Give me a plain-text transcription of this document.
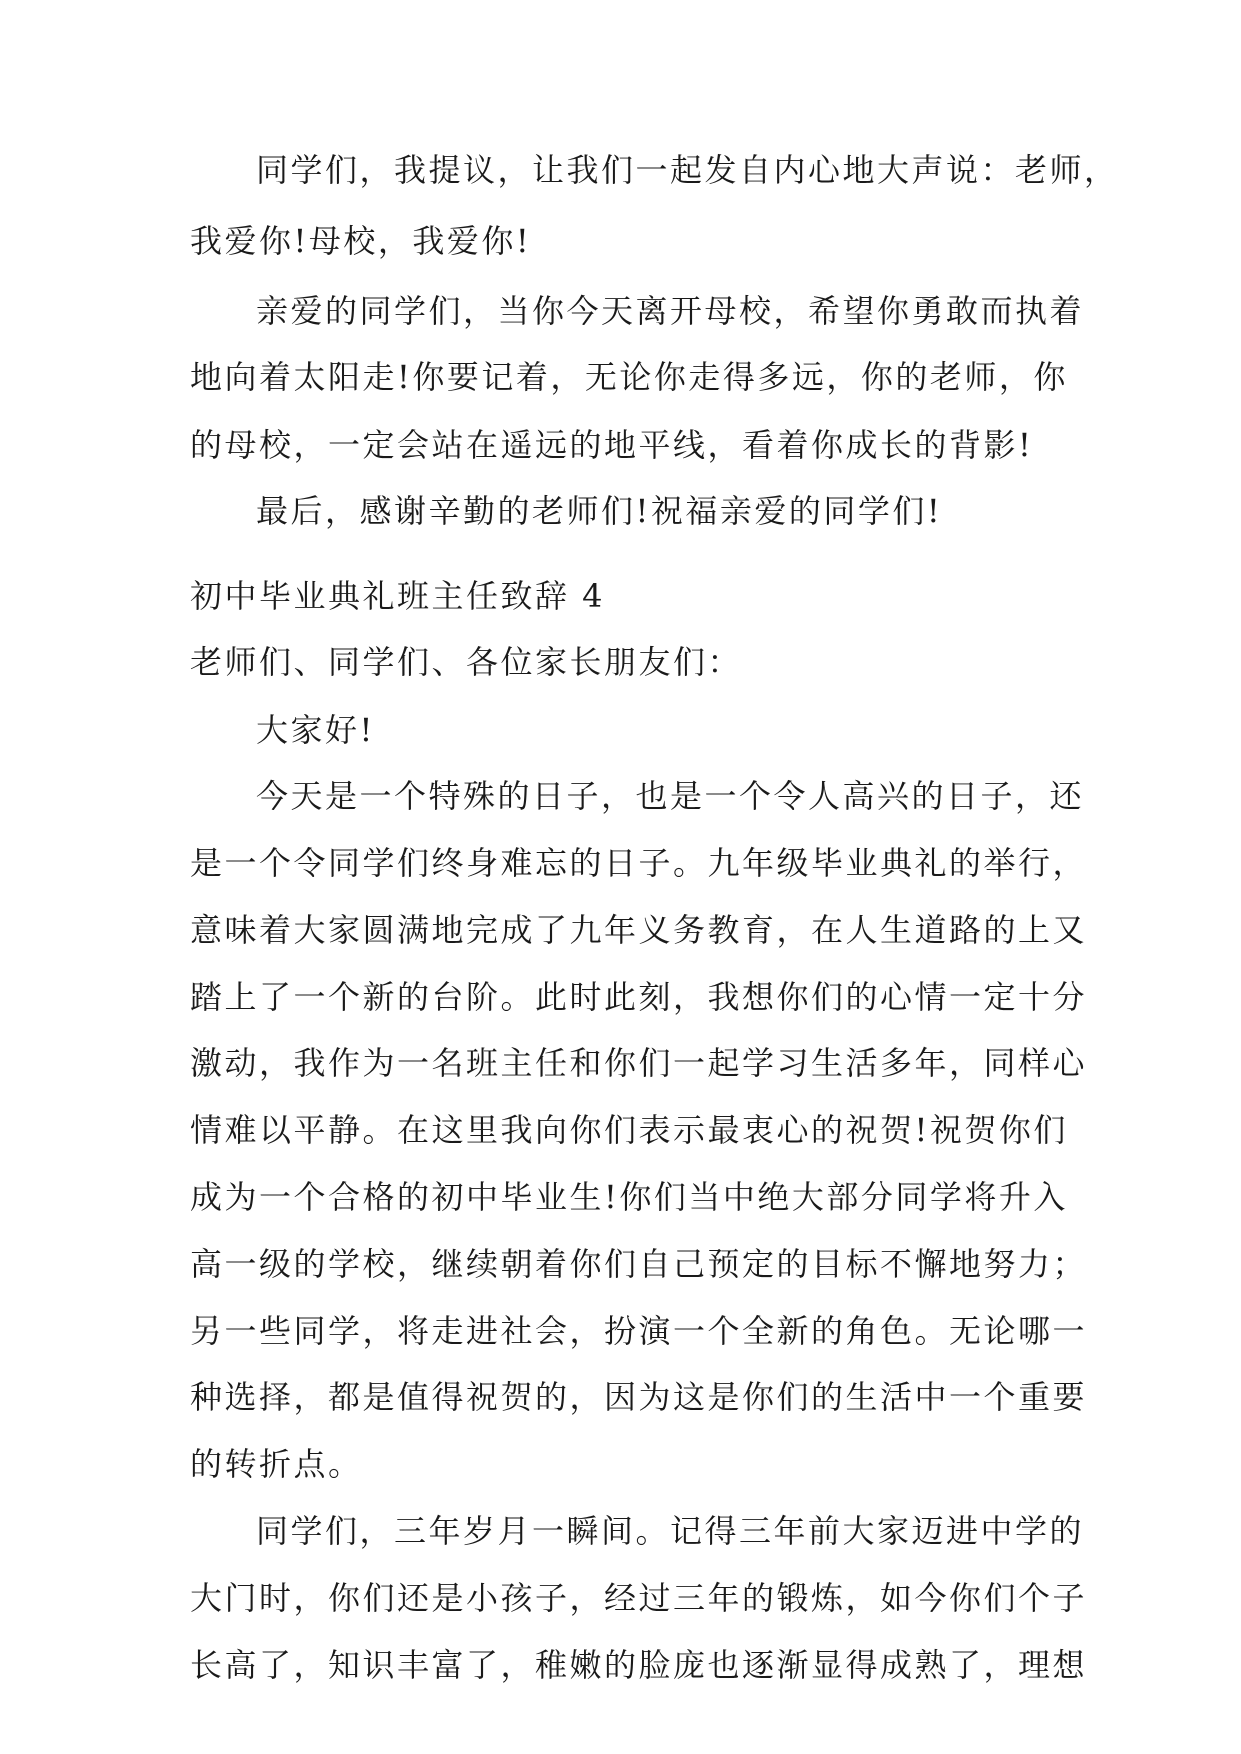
同学们，我提议，让我们一起发自内心地大声说：老师，
我爱你!母校，我爱你!
亲爱的同学们，当你今天离开母校，希望你勇敢而执着
地向着太阳走!你要记着，无论你走得多远，你的老师，你
的母校，一定会站在遥远的地平线，看着你成长的背影!
最后，感谢辛勤的老师们!祝福亲爱的同学们!
初中毕业典礼班主任致辞 4
老师们、同学们、各位家长朋友们：
大家好!
今天是一个特殊的日子，也是一个令人高兴的日子，还
是一个令同学们终身难忘的日子。九年级毕业典礼的举行，
意味着大家圆满地完成了九年义务教育，在人生道路的上又
踏上了一个新的台阶。此时此刻，我想你们的心情一定十分
激动，我作为一名班主任和你们一起学习生活多年，同样心
情难以平静。在这里我向你们表示最衷心的祝贺!祝贺你们
成为一个合格的初中毕业生!你们当中绝大部分同学将升入
高一级的学校，继续朝着你们自己预定的目标不懈地努力；
另一些同学，将走进社会，扮演一个全新的角色。无论哪一
种选择，都是值得祝贺的，因为这是你们的生活中一个重要
的转折点。
同学们，三年岁月一瞬间。记得三年前大家迈进中学的
大门时，你们还是小孩子，经过三年的锻炼，如今你们个子
长高了，知识丰富了，稚嫩的脸庞也逐渐显得成熟了，理想
